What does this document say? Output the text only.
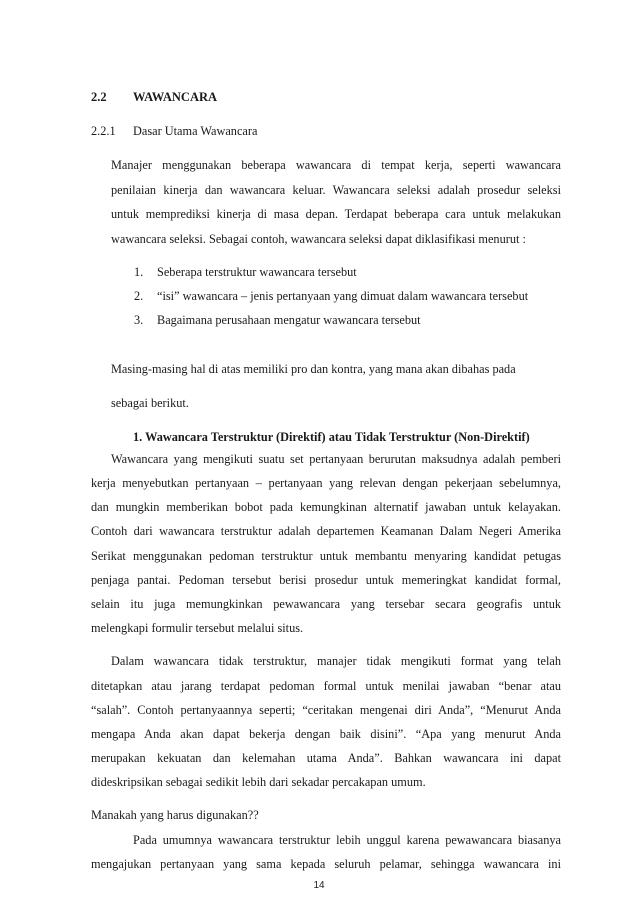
2.2 WAWANCARA
2.2.1 Dasar Utama Wawancara
Manajer menggunakan beberapa wawancara di tempat kerja, seperti wawancara
penilaian kinerja dan wawancara keluar. Wawancara seleksi adalah prosedur seleksi
untuk memprediksi kinerja di masa depan. Terdapat beberapa cara untuk melakukan
wawancara seleksi. Sebagai contoh, wawancara seleksi dapat diklasifikasi menurut :
1. Seberapa terstruktur wawancara tersebut
2. “isi” wawancara – jenis pertanyaan yang dimuat dalam wawancara tersebut
3. Bagaimana perusahaan mengatur wawancara tersebut
Masing-masing hal di atas memiliki pro dan kontra, yang mana akan dibahas pada
sebagai berikut.
1. Wawancara Terstruktur (Direktif) atau Tidak Terstruktur (Non-Direktif)
Wawancara yang mengikuti suatu set pertanyaan berurutan maksudnya adalah pemberi
kerja menyebutkan pertanyaan – pertanyaan yang relevan dengan pekerjaan sebelumnya,
dan mungkin memberikan bobot pada kemungkinan alternatif jawaban untuk kelayakan.
Contoh dari wawancara terstruktur adalah departemen Keamanan Dalam Negeri Amerika
Serikat menggunakan pedoman terstruktur untuk membantu menyaring kandidat petugas
penjaga pantai. Pedoman tersebut berisi prosedur untuk memeringkat kandidat formal,
selain itu juga memungkinkan pewawancara yang tersebar secara geografis untuk
melengkapi formulir tersebut melalui situs.
Dalam wawancara tidak terstruktur, manajer tidak mengikuti format yang telah
ditetapkan atau jarang terdapat pedoman formal untuk menilai jawaban “benar atau
“salah”. Contoh pertanyaannya seperti; “ceritakan mengenai diri Anda”, “Menurut Anda
mengapa Anda akan dapat bekerja dengan baik disini”. “Apa yang menurut Anda
merupakan kekuatan dan kelemahan utama Anda”. Bahkan wawancara ini dapat
dideskripsikan sebagai sedikit lebih dari sekadar percakapan umum.
Manakah yang harus digunakan??
Pada umumnya wawancara terstruktur lebih unggul karena pewawancara biasanya
mengajukan pertanyaan yang sama kepada seluruh pelamar, sehingga wawancara ini
14
